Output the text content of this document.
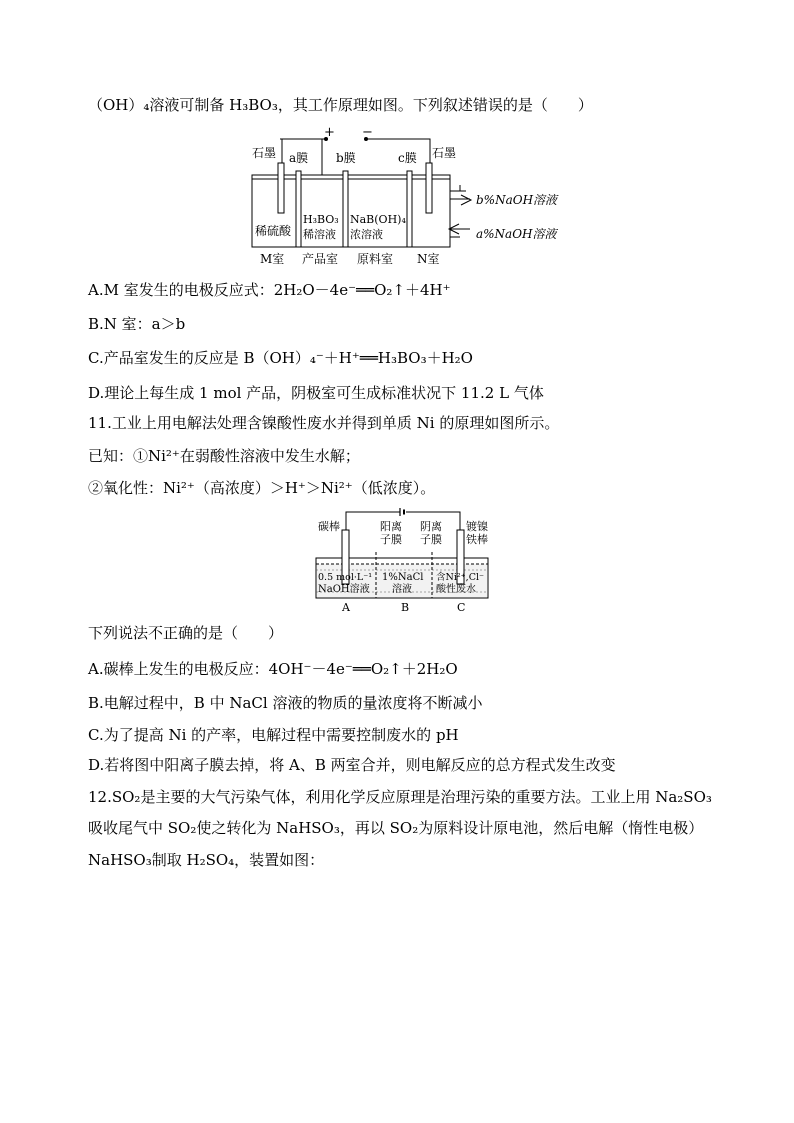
（OH）₄溶液可制备 H₃BO₃，其工作原理如图。下列叙述错误的是（　　）
+ −
石墨 a膜 b膜	c膜 石墨
稀硫酸
H₃BO₃
稀溶液
NaB(OH)₄
浓溶液
b%NaOH溶液
a%NaOH溶液
M室 产品室 原料室 N室
A.M 室发生的电极反应式：2H₂O－4e⁻══O₂↑＋4H⁺
B.N 室：a＞b
C.产品室发生的反应是 B（OH）₄⁻＋H⁺══H₃BO₃＋H₂O
D.理论上每生成 1 mol 产品，阴极室可生成标准状况下 11.2 L 气体
11.工业上用电解法处理含镍酸性废水并得到单质 Ni 的原理如图所示。
已知：①Ni²⁺在弱酸性溶液中发生水解；
②氧化性：Ni²⁺（高浓度）＞H⁺＞Ni²⁺（低浓度）。
碳棒	阳离
子膜
阴离
子膜
镀镍
铁棒
0.5 mol·L⁻¹
NaOH溶液
1%NaCl
溶液
含Ni²⁺,Cl⁻
酸性废水
A	B	C
下列说法不正确的是（　　）
A.碳棒上发生的电极反应：4OH⁻－4e⁻══O₂↑＋2H₂O
B.电解过程中，B 中 NaCl 溶液的物质的量浓度将不断减小
C.为了提高 Ni 的产率，电解过程中需要控制废水的 pH
D.若将图中阳离子膜去掉，将 A、B 两室合并，则电解反应的总方程式发生改变
12.SO₂是主要的大气污染气体，利用化学反应原理是治理污染的重要方法。工业上用 Na₂SO₃
吸收尾气中 SO₂使之转化为 NaHSO₃，再以 SO₂为原料设计原电池，然后电解（惰性电极）
NaHSO₃制取 H₂SO₄，装置如图：
